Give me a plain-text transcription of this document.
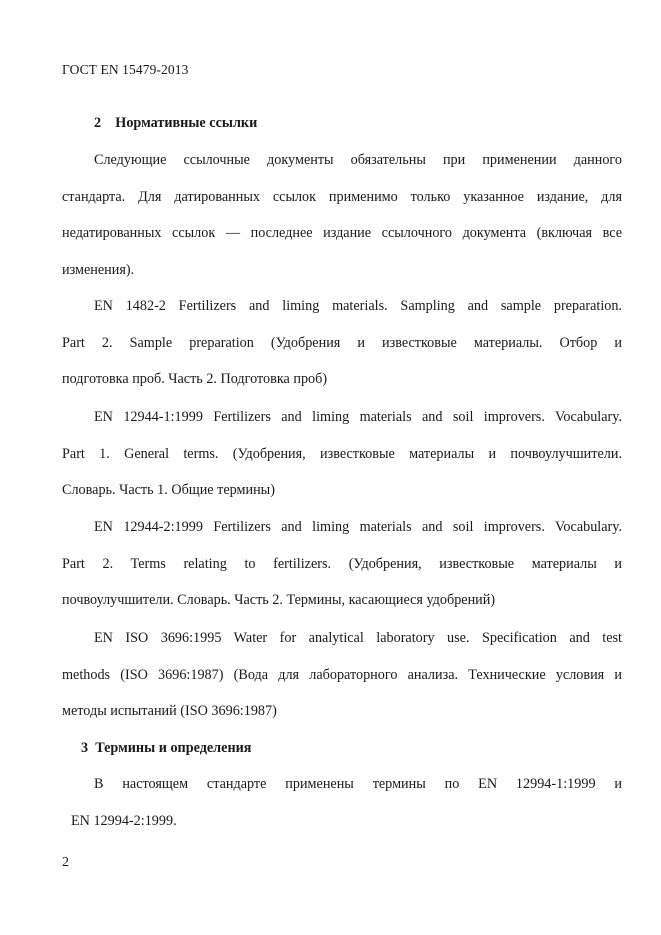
ГОСТ EN 15479-2013
2 Нормативные ссылки
Следующие ссылочные документы обязательны при применении данного
стандарта. Для датированных ссылок применимо только указанное издание, для
недатированных ссылок — последнее издание ссылочного документа (включая все
изменения).
EN 1482-2 Fertilizers and liming materials. Sampling and sample preparation.
Part 2. Sample preparation (Удобрения и известковые материалы. Отбор и
подготовка проб. Часть 2. Подготовка проб)
EN 12944-1:1999 Fertilizers and liming materials and soil improvers. Vocabulary.
Part 1. General terms. (Удобрения, известковые материалы и почвоулучшители.
Словарь. Часть 1. Общие термины)
EN 12944-2:1999 Fertilizers and liming materials and soil improvers. Vocabulary.
Part 2. Terms relating to fertilizers. (Удобрения, известковые материалы и
почвоулучшители. Словарь. Часть 2. Термины, касающиеся удобрений)
EN ISO 3696:1995 Water for analytical laboratory use. Specification and test
methods (ISO 3696:1987) (Вода для лабораторного анализа. Технические условия и
методы испытаний (ISO 3696:1987)
3 Термины и определения
В настоящем стандарте применены термины по EN 12994-1:1999 и
EN 12994-2:1999.
2
